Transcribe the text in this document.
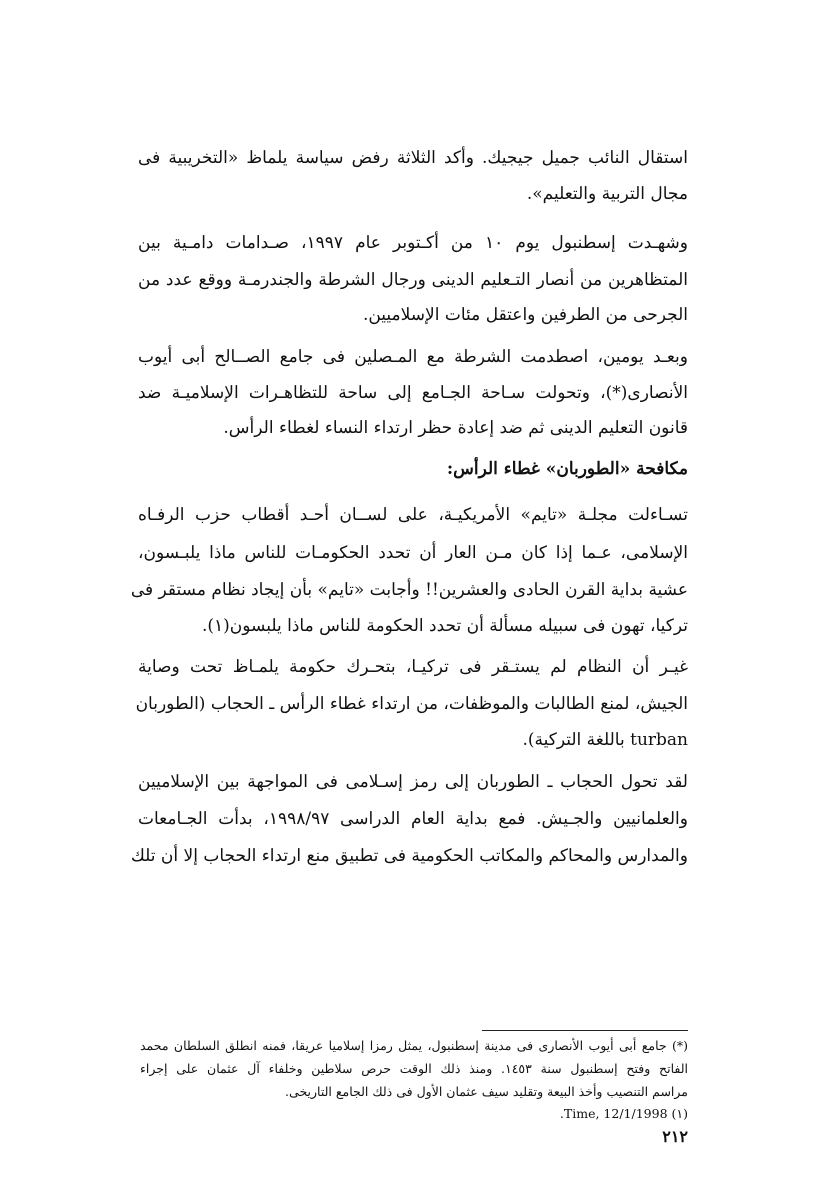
استقال النائب جميل جيجيك. وأكد الثلاثة رفض سياسة يلماظ «التخريبية فى
مجال التربية والتعليم».
وشهـدت إسطنبول يوم ١٠ من أكـتوبر عام ١٩٩٧، صـدامات دامـية بين
المتظاهرين من أنصار التـعليم الدينى ورجال الشرطة والجندرمـة ووقع عدد من
الجرحى من الطرفين واعتقل مئات الإسلاميين.
وبعـد يومين، اصطدمت الشرطة مع المـصلين فى جامع الصــالح أبى أيوب
الأنصارى(*)، وتحولت سـاحة الجـامع إلى ساحة للتظاهـرات الإسلاميـة ضد
قانون التعليم الدينى ثم ضد إعادة حظر ارتداء النساء لغطاء الرأس.
مكافحة «الطوربان» غطاء الرأس:
تسـاءلت مجلـة «تايم» الأمريكيـة، على لســان أحـد أقطاب حزب الرفـاه
الإسلامى، عـما إذا كان مـن العار أن تحدد الحكومـات للناس ماذا يلبـسون،
عشية بداية القرن الحادى والعشرين!! وأجابت «تايم» بأن إيجاد نظام مستقر فى
تركيا، تهون فى سبيله مسألة أن تحدد الحكومة للناس ماذا يلبسون(١).
غيـر أن النظام لم يستـقر فى تركيـا، بتحـرك حكومة يلمـاظ تحت وصاية
الجيش، لمنع الطالبات والموظفات، من ارتداء غطاء الرأس ـ الحجاب (الطوربان
turban باللغة التركية).
لقد تحول الحجاب ـ الطوربان إلى رمز إسـلامى فى المواجهة بين الإسلاميين
والعلمانيين والجـيش. فمع بداية العام الدراسى ١٩٩٨/٩٧، بدأت الجـامعات
والمدارس والمحاكم والمكاتب الحكومية فى تطبيق منع ارتداء الحجاب إلا أن تلك
(*) جامع أبى أيوب الأنصارى فى مدينة إسطنبول، يمثل رمزا إسلاميا عريقا، فمنه انطلق السلطان محمد
الفاتح وفتح إسطنبول سنة ١٤٥٣. ومنذ ذلك الوقت حرص سلاطين وخلفاء آل عثمان على إجراء
مراسم التنصيب وأخذ البيعة وتقليد سيف عثمان الأول فى ذلك الجامع التاريخى.
(١) Time, 12/1/1998.
٢١٢
